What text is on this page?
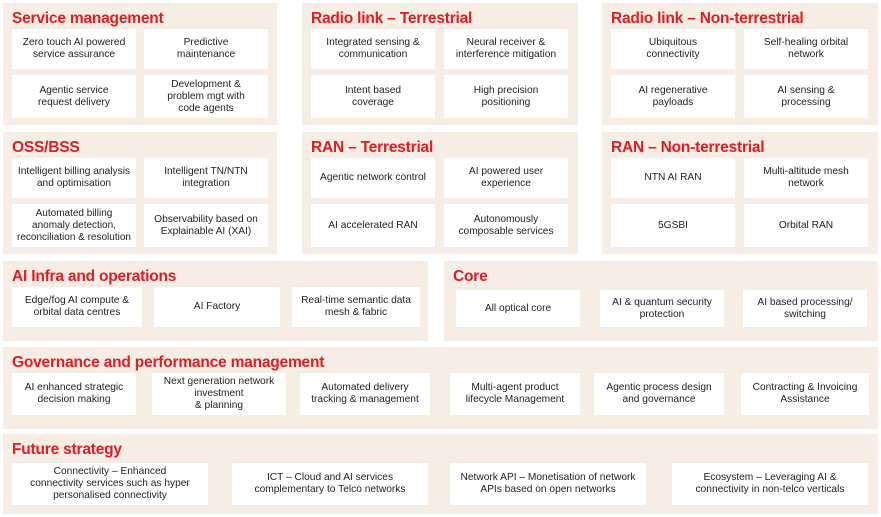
Service management
Zero touch AI powered
service assurance
Predictive
maintenance
Agentic service
request delivery
Development &
problem mgt with
code agents
Radio link – Terrestrial
Integrated sensing &
communication
Neural receiver &
interference mitigation
Intent based
coverage
High precision
positioning
Radio link – Non-terrestrial
Ubiquitous
connectivity
Self-healing orbital
network
AI regenerative
payloads
AI sensing &
processing
OSS/BSS
Intelligent billing analysis
and optimisation
Intelligent TN/NTN
integration
Automated billing
anomaly detection,
reconciliation & resolution
Observability based on
Explainable AI (XAI)
RAN – Terrestrial
Agentic network control
AI powered user
experience
AI accelerated RAN
Autonomously
composable services
RAN – Non-terrestrial
NTN AI RAN
Multi-altitude mesh
network
5GSBI	Orbital RAN
AI Infra and operations
Edge/fog AI compute &
orbital data centres
AI Factory
Real-time semantic data
mesh & fabric
Core
All optical core
AI & quantum security
protection
AI based processing/
switching
Governance and performance management
AI enhanced strategic
decision making
Next generation network
investment
& planning
Automated delivery
tracking & management
Multi-agent product
lifecycle Management
Agentic process design
and governance
Contracting & Invoicing
Assistance
Future strategy
Connectivity – Enhanced
connectivity services such as hyper
personalised connectivity
ICT – Cloud and AI services
complementary to Telco networks
Network API – Monetisation of network
APIs based on open networks
Ecosystem – Leveraging AI &
connectivity in non-telco verticals
